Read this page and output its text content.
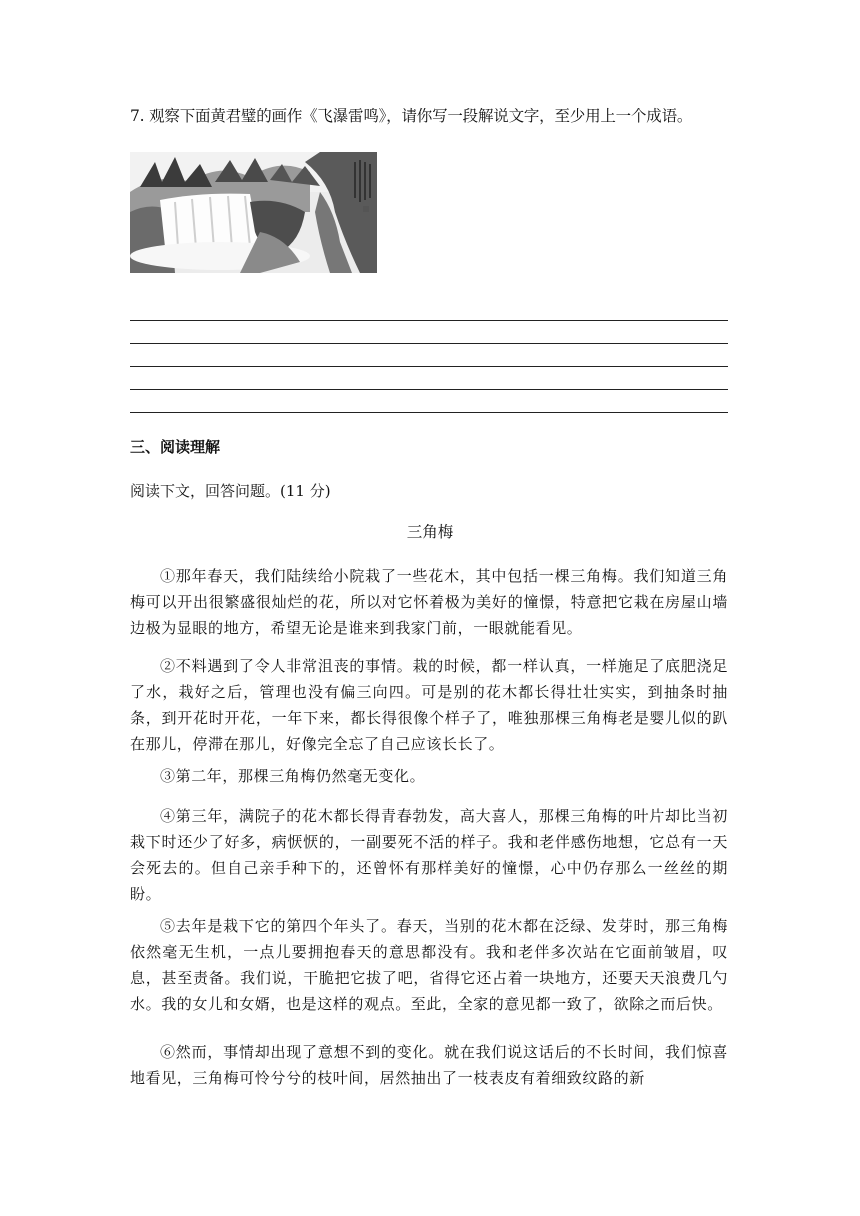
7. 观察下面黄君璧的画作《飞瀑雷鸣》，请你写一段解说文字，至少用上一个成语。
三、阅读理解
阅读下文，回答问题。(11 分)
三角梅

①那年春天，我们陆续给小院栽了一些花木，其中包括一棵三角梅。我们知道三角梅可以开出很繁盛很灿烂的花，所以对它怀着极为美好的憧憬，特意把它栽在房屋山墙边极为显眼的地方，希望无论是谁来到我家门前，一眼就能看见。

②不料遇到了令人非常沮丧的事情。栽的时候，都一样认真，一样施足了底肥浇足了水，栽好之后，管理也没有偏三向四。可是别的花木都长得壮壮实实，到抽条时抽条，到开花时开花，一年下来，都长得很像个样子了，唯独那棵三角梅老是婴儿似的趴在那儿，停滞在那儿，好像完全忘了自己应该长长了。

③第二年，那棵三角梅仍然毫无变化。

④第三年，满院子的花木都长得青春勃发，高大喜人，那棵三角梅的叶片却比当初栽下时还少了好多，病恹恹的，一副要死不活的样子。我和老伴感伤地想，它总有一天会死去的。但自己亲手种下的，还曾怀有那样美好的憧憬，心中仍存那么一丝丝的期盼。

⑤去年是栽下它的第四个年头了。春天，当别的花木都在泛绿、发芽时，那三角梅依然毫无生机，一点儿要拥抱春天的意思都没有。我和老伴多次站在它面前皱眉，叹息，甚至责备。我们说，干脆把它拔了吧，省得它还占着一块地方，还要天天浪费几勺水。我的女儿和女婿，也是这样的观点。至此，全家的意见都一致了，欲除之而后快。

⑥然而，事情却出现了意想不到的变化。就在我们说这话后的不长时间，我们惊喜地看见，三角梅可怜兮兮的枝叶间，居然抽出了一枝表皮有着细致纹路的新
